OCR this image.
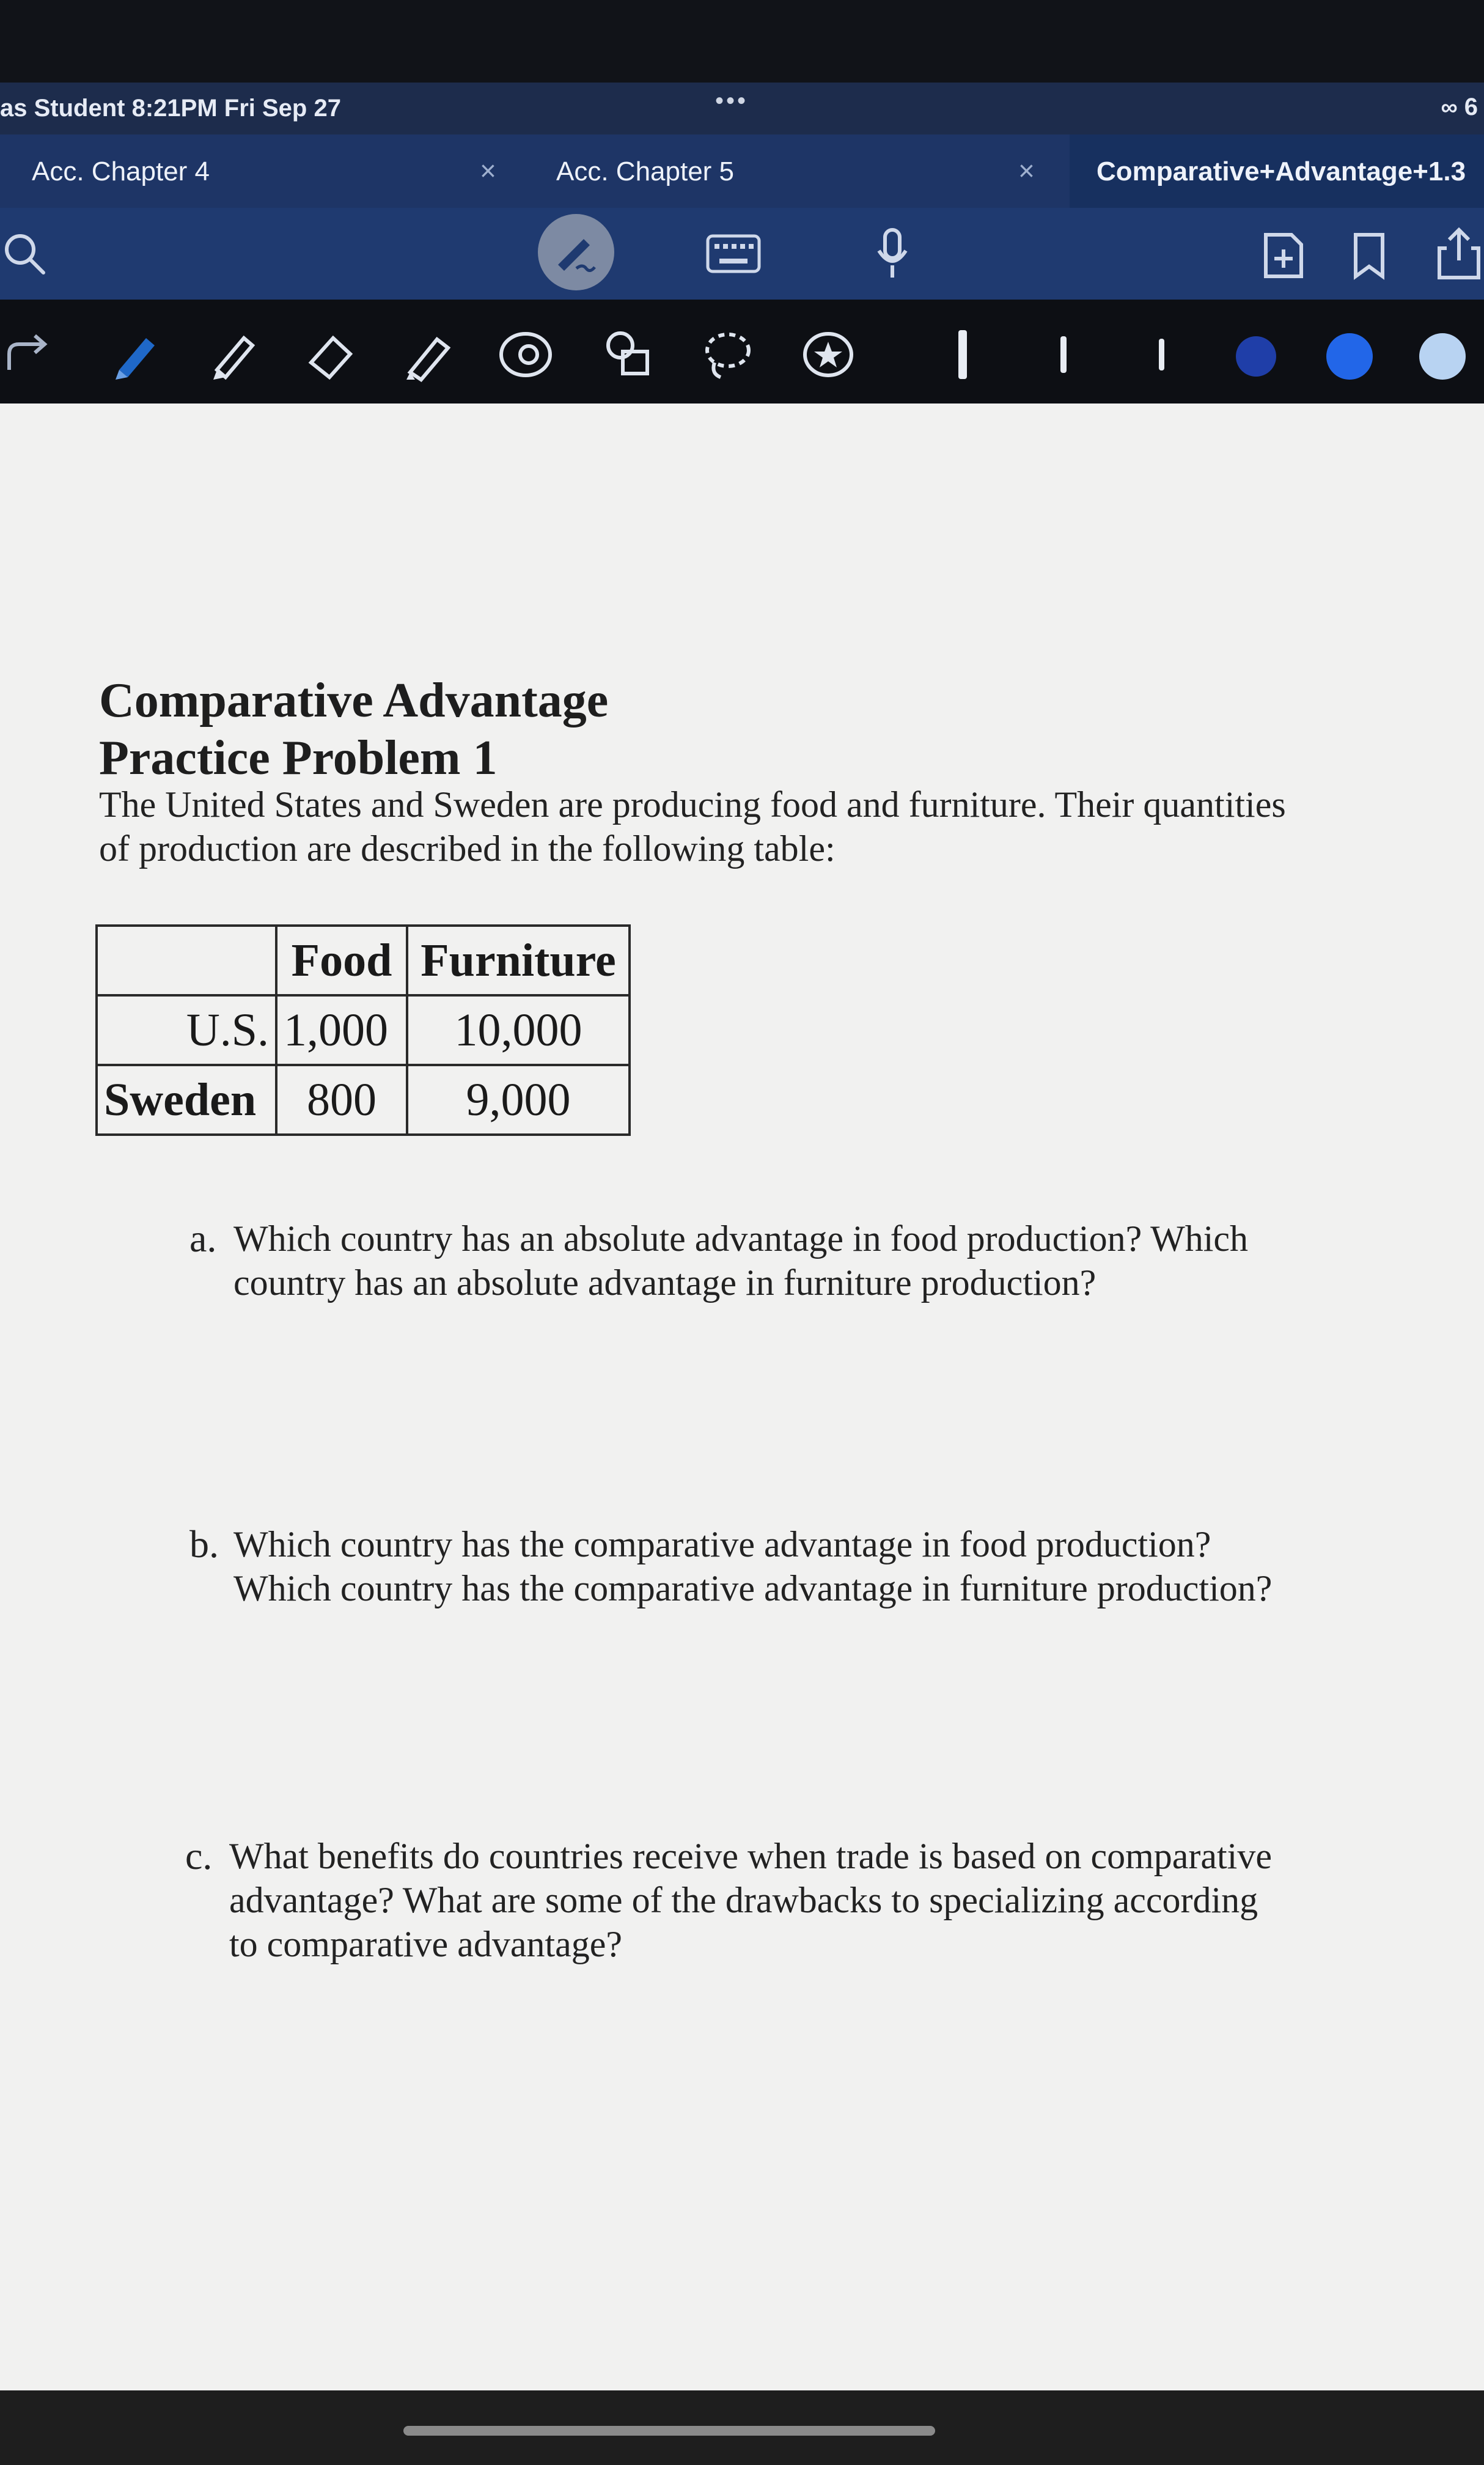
as Student 8:21PM Fri Sep 27	•••	∞ 6
Acc. Chapter 4	× Acc. Chapter 5	× Comparative+Advantage+1.3
Comparative Advantage
Practice Problem 1
The United States and Sweden are producing food and furniture. Their quantities of production are described in the following table:
	Food	Furniture
U.S.	1,000	10,000
Sweden	800	9,000
a. Which country has an absolute advantage in food production? Which country has an absolute advantage in furniture production?
b. Which country has the comparative advantage in food production? Which country has the comparative advantage in furniture production?
c. What benefits do countries receive when trade is based on comparative advantage? What are some of the drawbacks to specializing according to comparative advantage?
